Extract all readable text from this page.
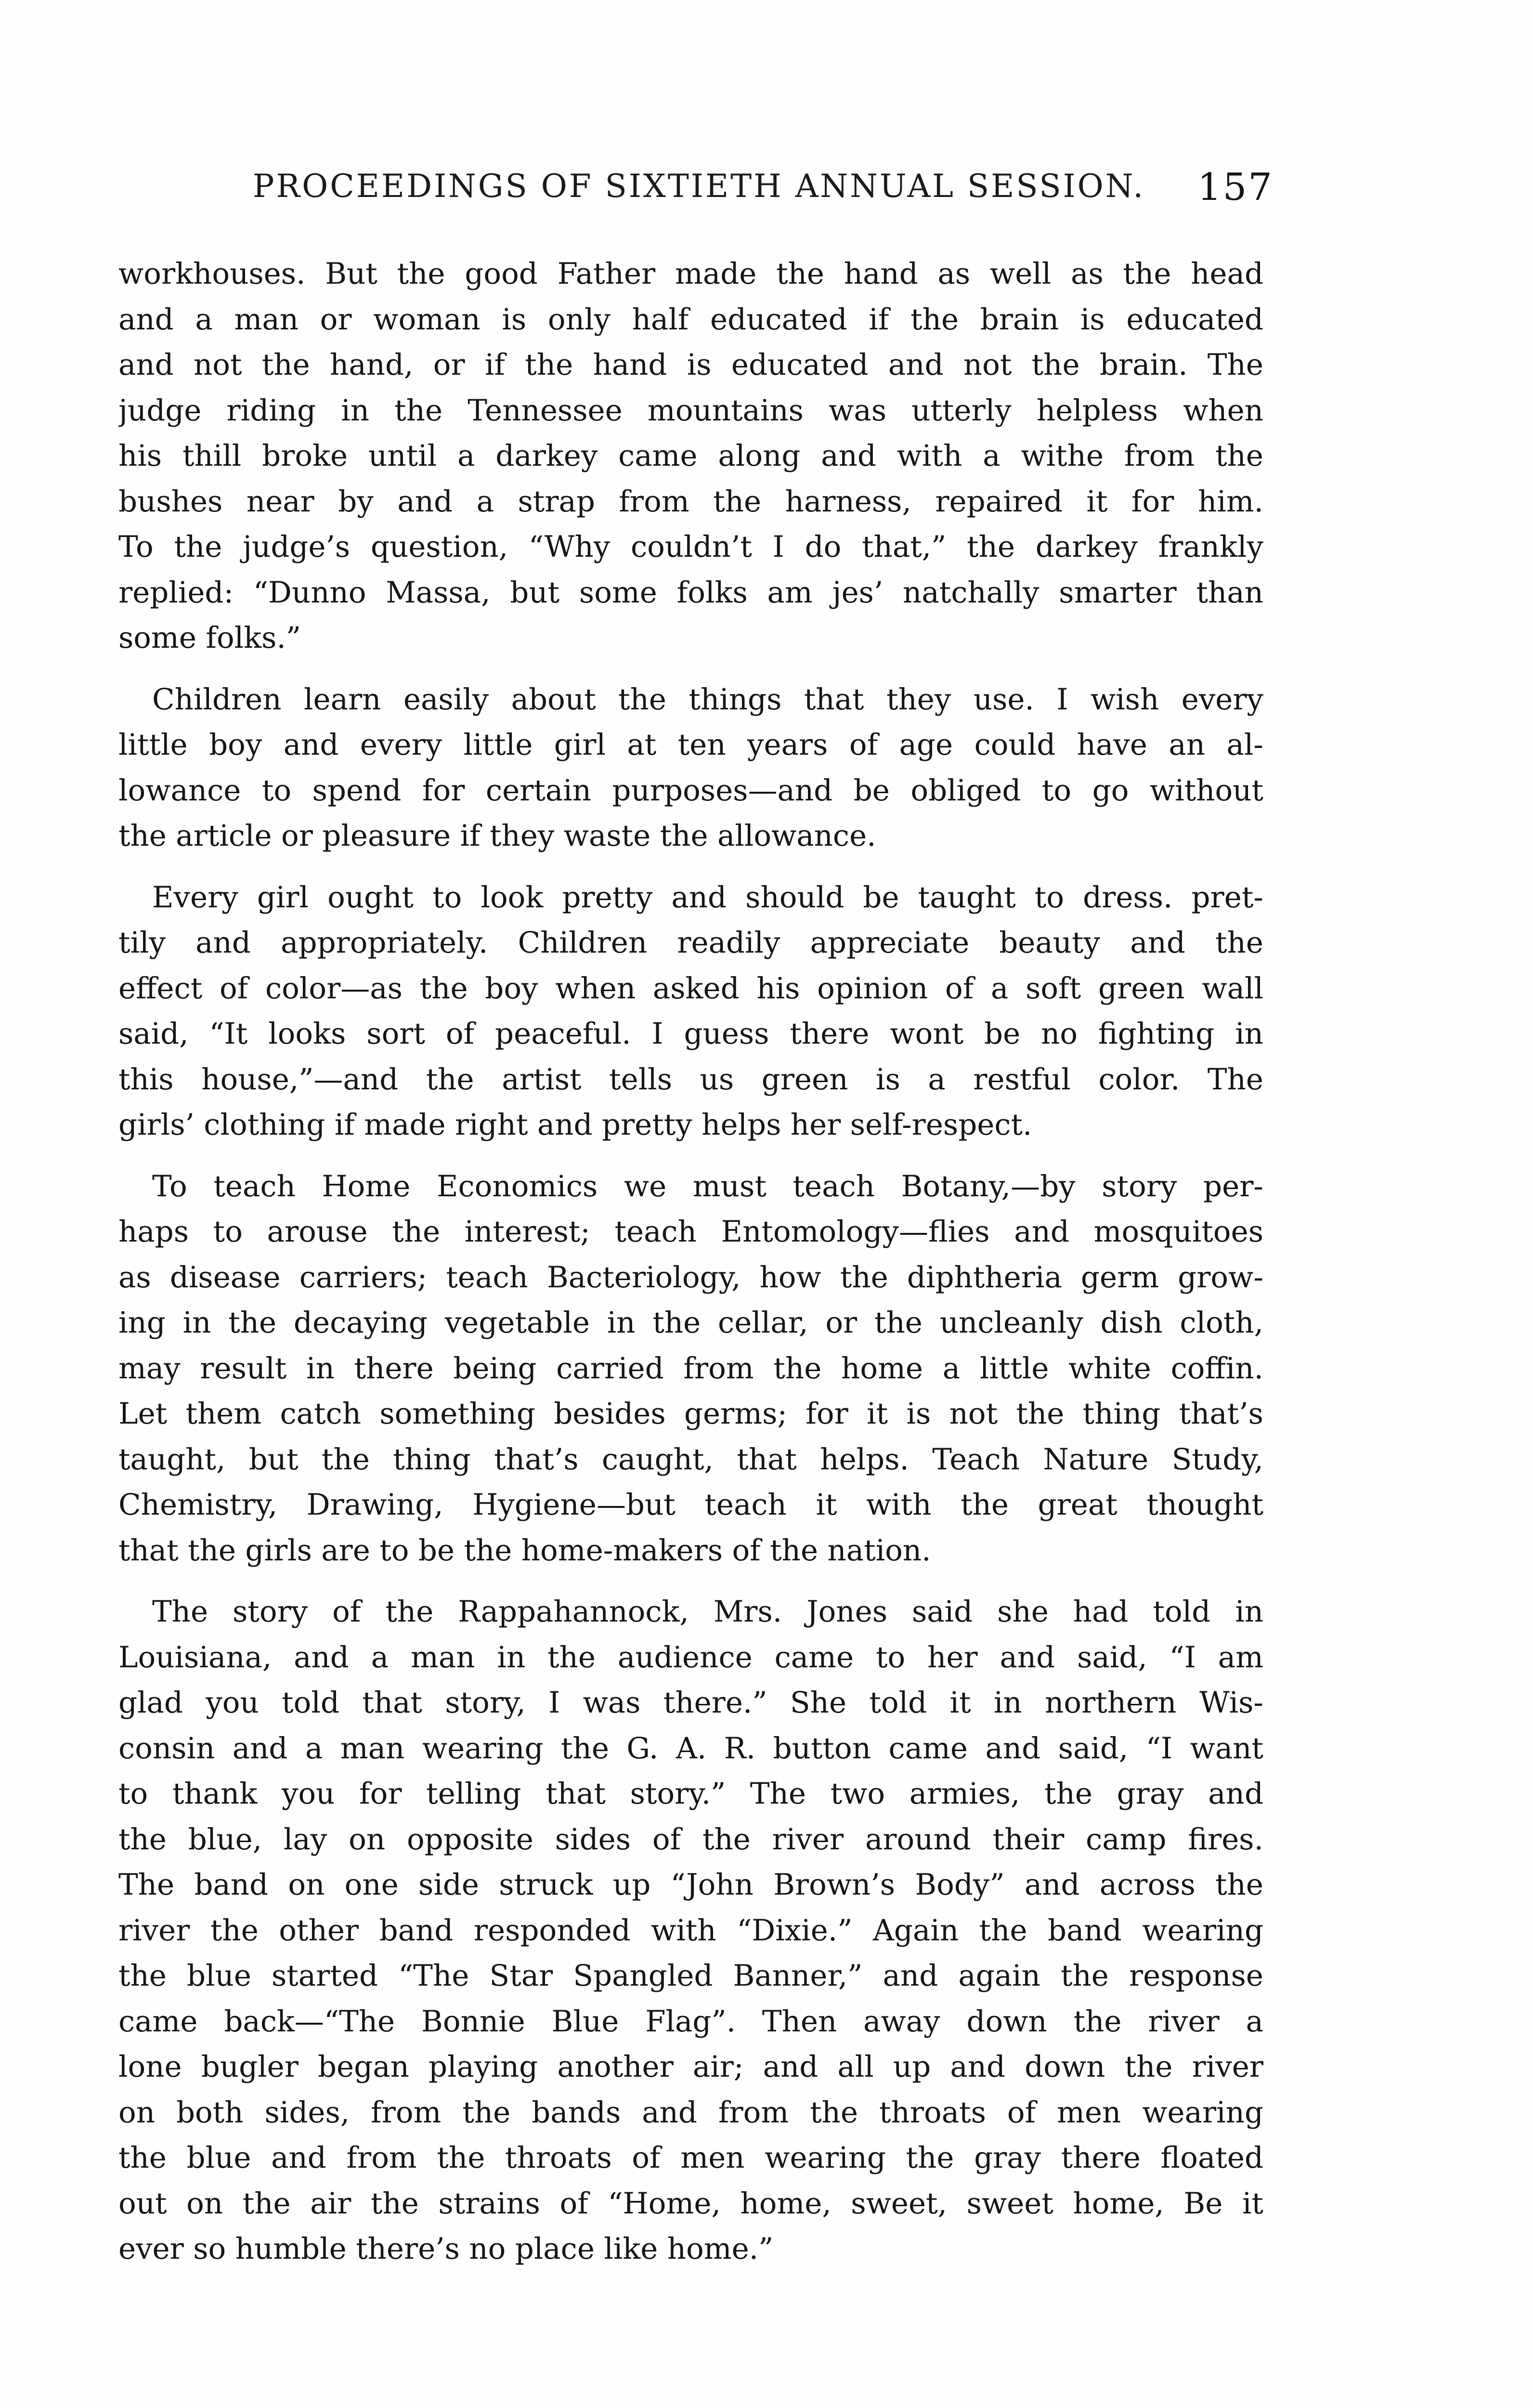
PROCEEDINGS OF SIXTIETH ANNUAL SESSION. 157

workhouses. But the good Father made the hand as well as the head
and a man or woman is only half educated if the brain is educated
and not the hand, or if the hand is educated and not the brain. The
judge riding in the Tennessee mountains was utterly helpless when
his thill broke until a darkey came along and with a withe from the
bushes near by and a strap from the harness, repaired it for him.
To the judge’s question, “Why couldn’t I do that,” the darkey frankly
replied: “Dunno Massa, but some folks am jes’ natchally smarter than
some folks.”

Children learn easily about the things that they use. I wish every
little boy and every little girl at ten years of age could have an al-
lowance to spend for certain purposes—and be obliged to go without
the article or pleasure if they waste the allowance.

Every girl ought to look pretty and should be taught to dress. pret-
tily and appropriately. Children readily appreciate beauty and the
effect of color—as the boy when asked his opinion of a soft green wall
said, “It looks sort of peaceful. I guess there wont be no fighting in
this house,”—and the artist tells us green is a restful color. The
girls’ clothing if made right and pretty helps her self-respect.

To teach Home Economics we must teach Botany,—by story per-
haps to arouse the interest; teach Entomology—flies and mosquitoes
as disease carriers; teach Bacteriology, how the diphtheria germ grow-
ing in the decaying vegetable in the cellar, or the uncleanly dish cloth,
may result in there being carried from the home a little white coffin.
Let them catch something besides germs; for it is not the thing that’s
taught, but the thing that’s caught, that helps. Teach Nature Study,
Chemistry, Drawing, Hygiene—but teach it with the great thought
that the girls are to be the home-makers of the nation.

The story of the Rappahannock, Mrs. Jones said she had told in
Louisiana, and a man in the audience came to her and said, “I am
glad you told that story, I was there.” She told it in northern Wis-
consin and a man wearing the G. A. R. button came and said, “I want
to thank you for telling that story.” The two armies, the gray and
the blue, lay on opposite sides of the river around their camp fires.
The band on one side struck up “John Brown’s Body” and across the
river the other band responded with “Dixie.” Again the band wearing
the blue started “The Star Spangled Banner,” and again the response
came back—“The Bonnie Blue Flag”. Then away down the river a
lone bugler began playing another air; and all up and down the river
on both sides, from the bands and from the throats of men wearing
the blue and from the throats of men wearing the gray there floated
out on the air the strains of “Home, home, sweet, sweet home, Be it
ever so humble there’s no place like home.”
